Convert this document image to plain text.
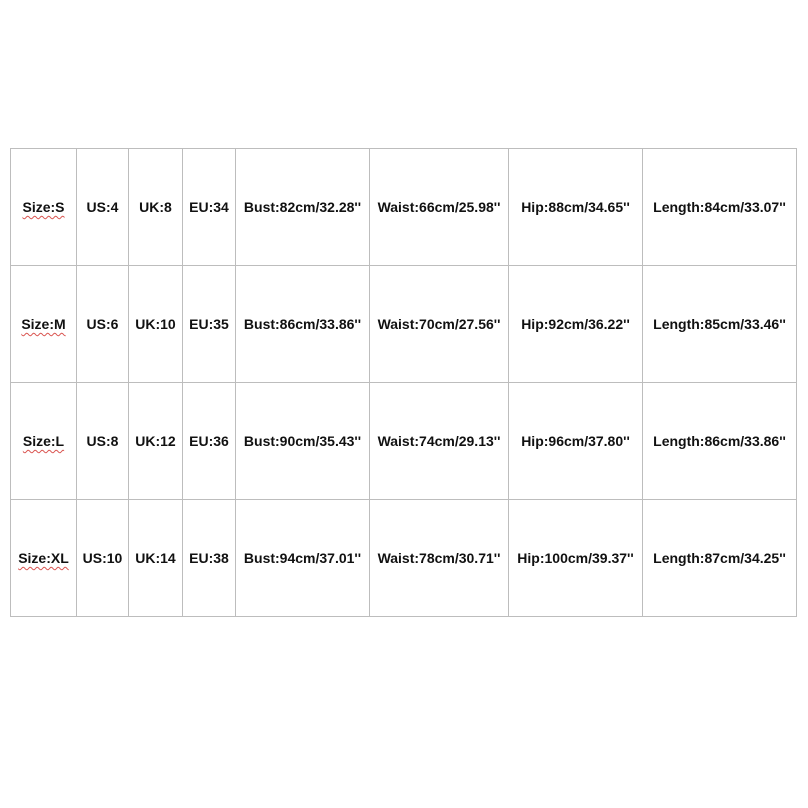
Size:S	US:4	UK:8	EU:34	Bust:82cm/32.28''	Waist:66cm/25.98''	Hip:88cm/34.65''	Length:84cm/33.07''
Size:M	US:6	UK:10	EU:35	Bust:86cm/33.86''	Waist:70cm/27.56''	Hip:92cm/36.22''	Length:85cm/33.46''
Size:L	US:8	UK:12	EU:36	Bust:90cm/35.43''	Waist:74cm/29.13''	Hip:96cm/37.80''	Length:86cm/33.86''
Size:XL	US:10	UK:14	EU:38	Bust:94cm/37.01''	Waist:78cm/30.71''	Hip:100cm/39.37''	Length:87cm/34.25''
